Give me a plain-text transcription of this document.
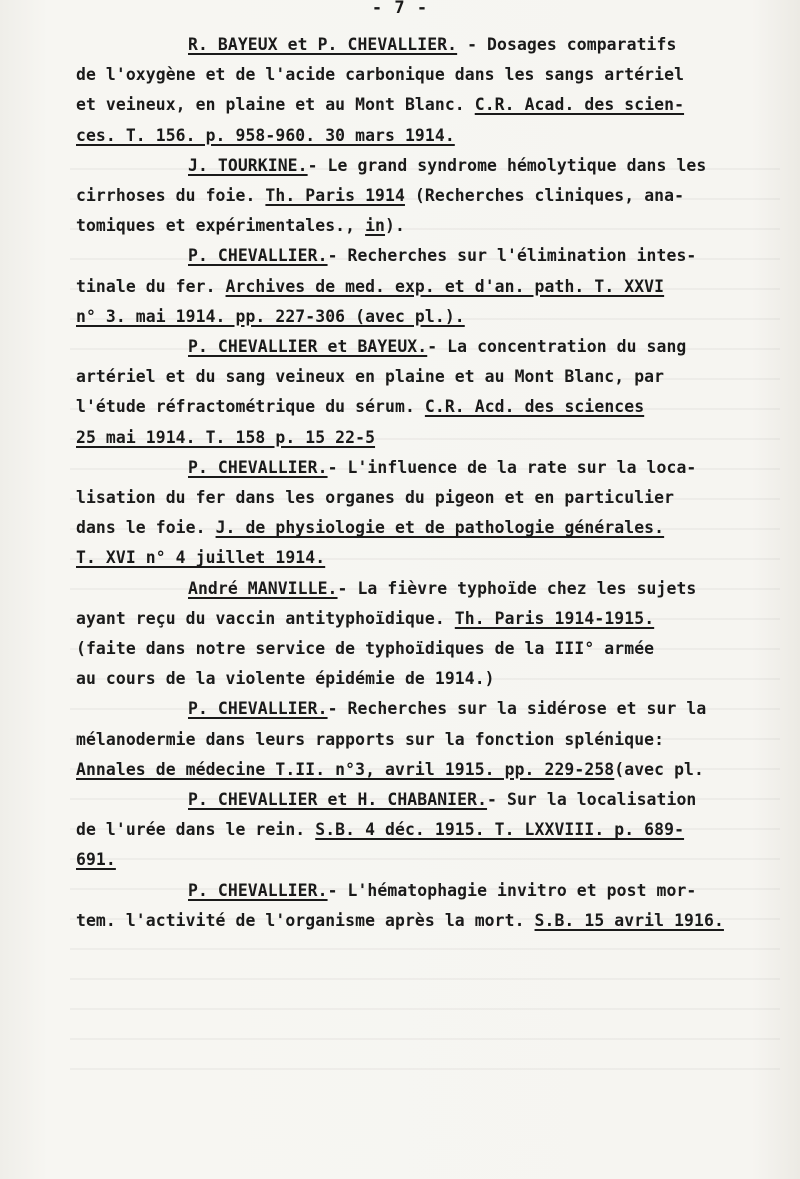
- 7 -
R. BAYEUX et P. CHEVALLIER. - Dosages comparatifs
de l'oxygène et de l'acide carbonique dans les sangs artériel
et veineux, en plaine et au Mont Blanc. C.R. Acad. des scien-
ces. T. 156. p. 958-960. 30 mars 1914.
J. TOURKINE.- Le grand syndrome hémolytique dans les
cirrhoses du foie. Th. Paris 1914 (Recherches cliniques, ana-
tomiques et expérimentales., in).
P. CHEVALLIER.- Recherches sur l'élimination intes-
tinale du fer. Archives de med. exp. et d'an. path. T. XXVI
n° 3. mai 1914. pp. 227-306 (avec pl.).
P. CHEVALLIER et BAYEUX.- La concentration du sang
artériel et du sang veineux en plaine et au Mont Blanc, par
l'étude réfractométrique du sérum. C.R. Acd. des sciences
25 mai 1914. T. 158 p. 15 22-5
P. CHEVALLIER.- L'influence de la rate sur la loca-
lisation du fer dans les organes du pigeon et en particulier
dans le foie. J. de physiologie et de pathologie générales.
T. XVI n° 4 juillet 1914.
André MANVILLE.- La fièvre typhoïde chez les sujets
ayant reçu du vaccin antityphoïdique. Th. Paris 1914-1915.
(faite dans notre service de typhoïdiques de la III° armée
au cours de la violente épidémie de 1914.)
P. CHEVALLIER.- Recherches sur la sidérose et sur la
mélanodermie dans leurs rapports sur la fonction splénique:
Annales de médecine T.II. n°3, avril 1915. pp. 229-258(avec pl.
P. CHEVALLIER et H. CHABANIER.- Sur la localisation
de l'urée dans le rein. S.B. 4 déc. 1915. T. LXXVIII. p. 689-
691.
P. CHEVALLIER.- L'hématophagie invitro et post mor-
tem. l'activité de l'organisme après la mort. S.B. 15 avril 1916.
